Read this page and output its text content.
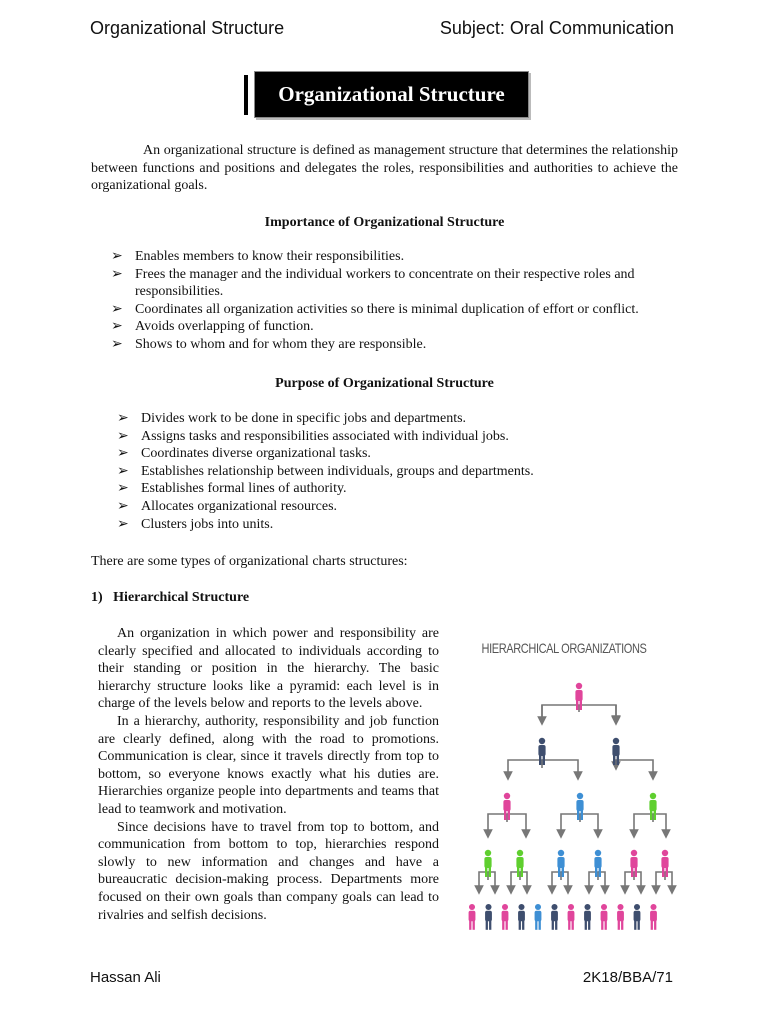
Organizational Structure	Subject: Oral Communication
Organizational Structure

An organizational structure is defined as management structure that determines the relationship between functions and positions and delegates the roles, responsibilities and authorities to achieve the organizational goals.

Importance of Organizational Structure
➢ Enables members to know their responsibilities.
➢ Frees the manager and the individual workers to concentrate on their respective roles and responsibilities.
➢ Coordinates all organization activities so there is minimal duplication of effort or conflict.
➢ Avoids overlapping of function.
➢ Shows to whom and for whom they are responsible.
Purpose of Organizational Structure
➢ Divides work to be done in specific jobs and departments.
➢ Assigns tasks and responsibilities associated with individual jobs.
➢ Coordinates diverse organizational tasks.
➢ Establishes relationship between individuals, groups and departments.
➢ Establishes formal lines of authority.
➢ Allocates organizational resources.
➢ Clusters jobs into units.
There are some types of organizational charts structures:
1) Hierarchical Structure

An organization in which power and responsibility are clearly specified and allocated to individuals according to their standing or position in the hierarchy. The basic hierarchy structure looks like a pyramid: each level is in charge of the levels below and reports to the levels above.

In a hierarchy, authority, responsibility and job function are clearly defined, along with the road to promotions. Communication is clear, since it travels directly from top to bottom, so everyone knows exactly what his duties are. Hierarchies organize people into departments and teams that lead to teamwork and motivation.

Since decisions have to travel from top to bottom, and communication from bottom to top, hierarchies respond slowly to new information and changes and have a bureaucratic decision-making process. Departments more focused on their own goals than company goals can lead to rivalries and selfish decisions.

HIERARCHICAL ORGANIZATIONS
Hassan Ali	2K18/BBA/71
